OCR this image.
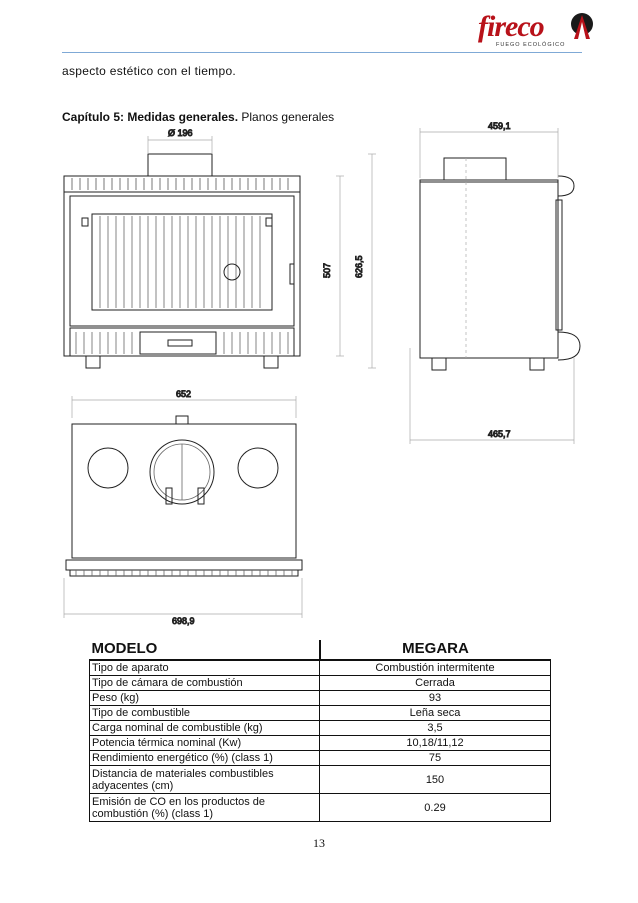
fireco
FUEGO ECOLÓGICO
aspecto estético con el tiempo.
Capítulo 5: Medidas generales. Planos generales
Ø 196
507 626,5
459,1
465,7
652
698,9
MODELO	MEGARA
Tipo de aparato	Combustión intermitente
Tipo de cámara de combustión	Cerrada
Peso (kg)	93
Tipo de combustible	Leña seca
Carga nominal de combustible (kg)	3,5
Potencia térmica nominal (Kw)	10,18/11,12
Rendimiento energético (%) (class 1)	75
Distancia de materiales combustibles adyacentes (cm)	150
Emisión de CO en los productos de combustión (%) (class 1)	0.29
13
